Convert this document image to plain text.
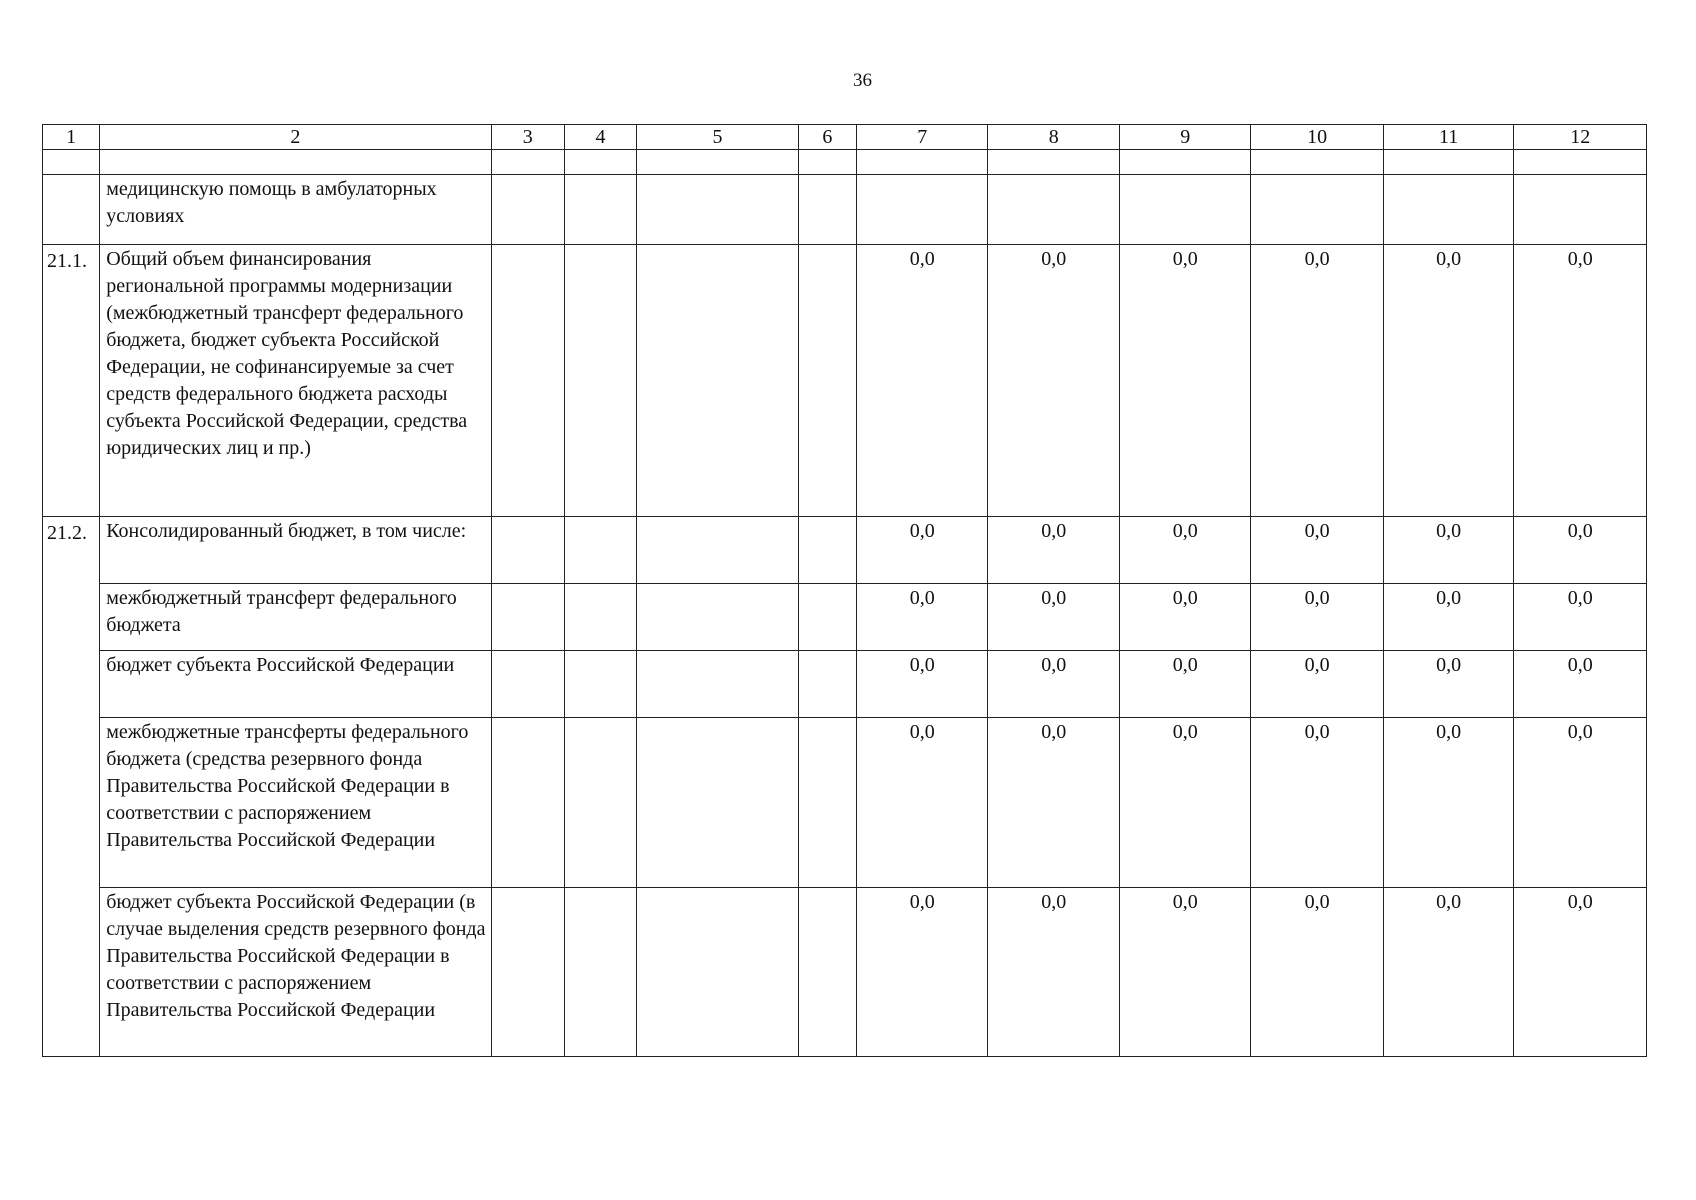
36
1	2	3	4	5	6	7	8	9	10	11	12

	медицинскую помощь в амбулаторных условиях										
21.1.	Общий объем финансирования региональной программы модернизации (межбюджетный трансферт федерального бюджета, бюджет субъекта Российской Федерации, не софинансируемые за счет средств федерального бюджета расходы субъекта Российской Федерации, средства юридических лиц и пр.)					0,0	0,0	0,0	0,0	0,0	0,0
21.2.	Консолидированный бюджет, в том числе:					0,0	0,0	0,0	0,0	0,0	0,0
	межбюджетный трансферт федерального бюджета					0,0	0,0	0,0	0,0	0,0	0,0
	бюджет субъекта Российской Федерации					0,0	0,0	0,0	0,0	0,0	0,0
	межбюджетные трансферты федерального бюджета (средства резервного фонда Правительства Российской Федерации в соответствии с распоряжением Правительства Российской Федерации					0,0	0,0	0,0	0,0	0,0	0,0
	бюджет субъекта Российской Федерации (в случае выделения средств резервного фонда Правительства Российской Федерации в соответствии с распоряжением Правительства Российской Федерации					0,0	0,0	0,0	0,0	0,0	0,0
